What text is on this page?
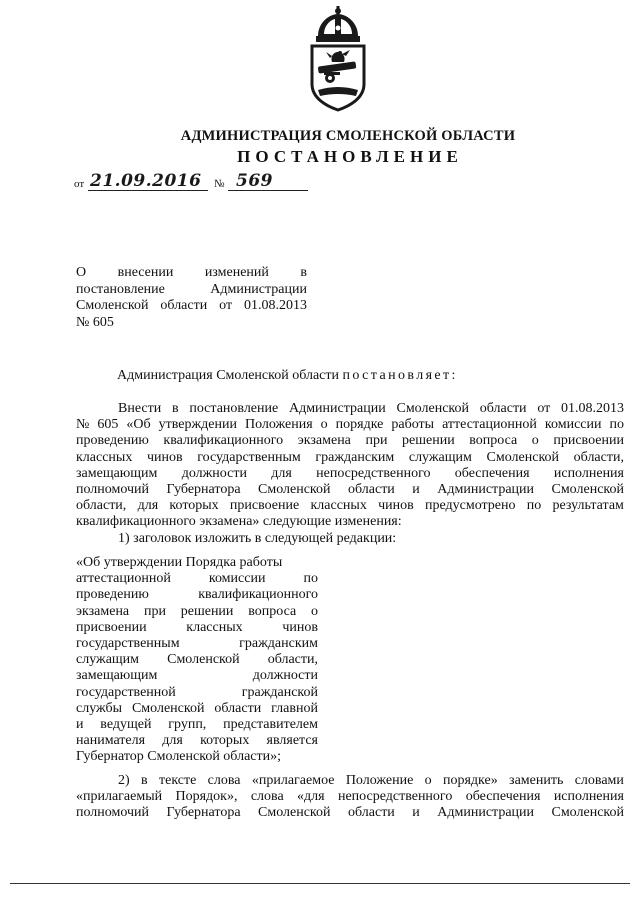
АДМИНИСТРАЦИЯ СМОЛЕНСКОЙ ОБЛАСТИ
ПОСТАНОВЛЕНИЕ
от 21.09.2016 № 569
О внесении изменений в
постановление	Администрации
Смоленской области от 01.08.2013
№ 605
Администрация Смоленской области постановляет:
Внести в постановление Администрации Смоленской области от 01.08.2013
№ 605 «Об утверждении Положения о порядке работы аттестационной комиссии по
проведению квалификационного экзамена при решении вопроса о присвоении
классных чинов государственным гражданским служащим Смоленской области,
замещающим должности для непосредственного обеспечения исполнения
полномочий Губернатора Смоленской области и Администрации Смоленской
области, для которых присвоение классных чинов предусмотрено по результатам
квалификационного экзамена» следующие изменения:
1) заголовок изложить в следующей редакции:
«Об утверждении Порядка работы
аттестационной	комиссии	по
проведению	квалификационного
экзамена при решении вопроса о
присвоении	классных	чинов
государственным	гражданским
служащим Смоленской области,
замещающим	должности
государственной	гражданской
службы Смоленской области главной
и ведущей групп, представителем
нанимателя для которых является
Губернатор Смоленской области»;
2) в тексте слова «прилагаемое Положение о порядке» заменить словами
«прилагаемый Порядок», слова «для непосредственного обеспечения исполнения
полномочий Губернатора Смоленской области и Администрации Смоленской
